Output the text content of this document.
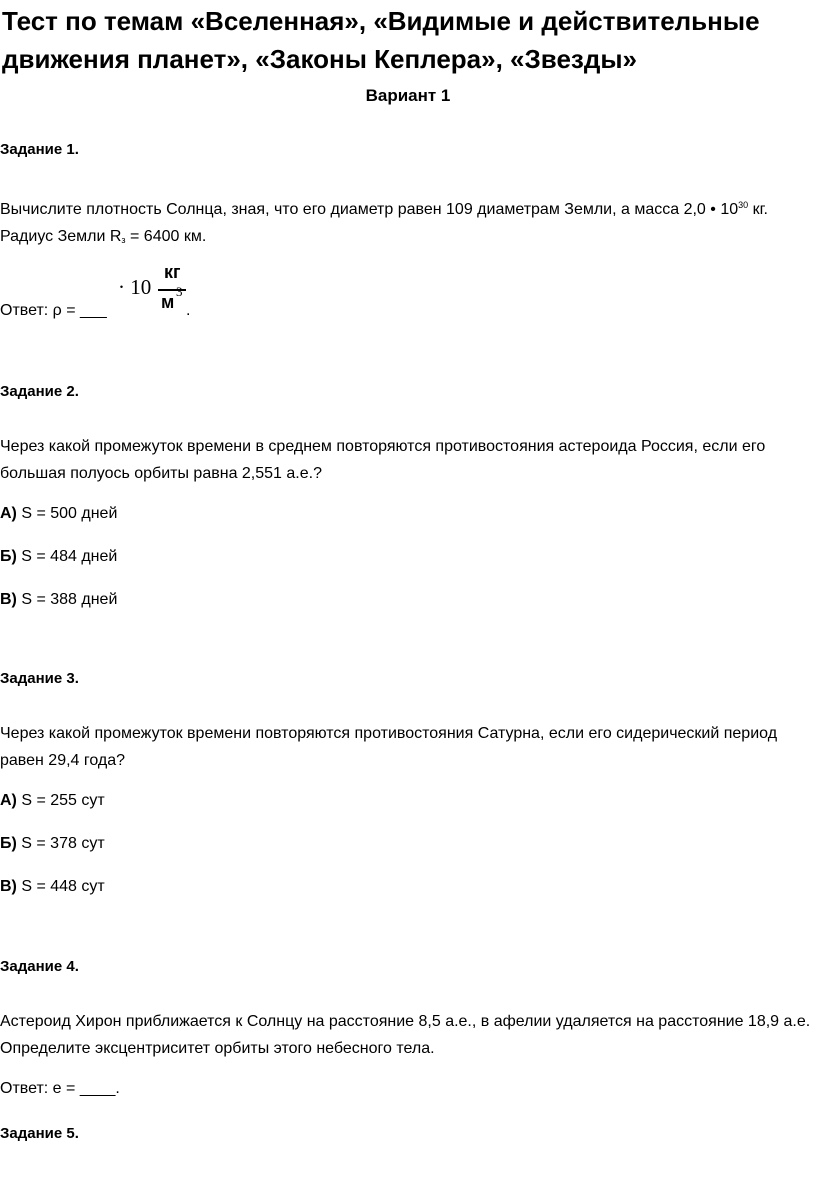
Тест по темам «Вселенная», «Видимые и действительные движения планет», «Законы Кеплера», «Звезды»
Вариант 1
Задание 1.
Вычислите плотность Солнца, зная, что его диаметр равен 109 диаметрам Земли, а масса 2,0 • $10^{30}$ кг.
Радиус Земли $R_з = 6400$ км.
· 10
кг
м
3
Ответ: ρ = ___	.
Задание 2.
Через какой промежуток времени в среднем повторяются противостояния астероида Россия, если его
большая полуось орбиты равна 2,551 а.е.?
А) S = 500 дней
Б) S = 484 дней
В) S = 388 дней
Задание 3.
Через какой промежуток времени повторяются противостояния Сатурна, если его сидерический период
равен 29,4 года?
А) S = 255 сут
Б) S = 378 сут
В) S = 448 сут
Задание 4.
Астероид Хирон приближается к Солнцу на расстояние 8,5 а.е., в афелии удаляется на расстояние 18,9 а.е.
Определите эксцентриситет орбиты этого небесного тела.
Ответ: e = ____.
Задание 5.
